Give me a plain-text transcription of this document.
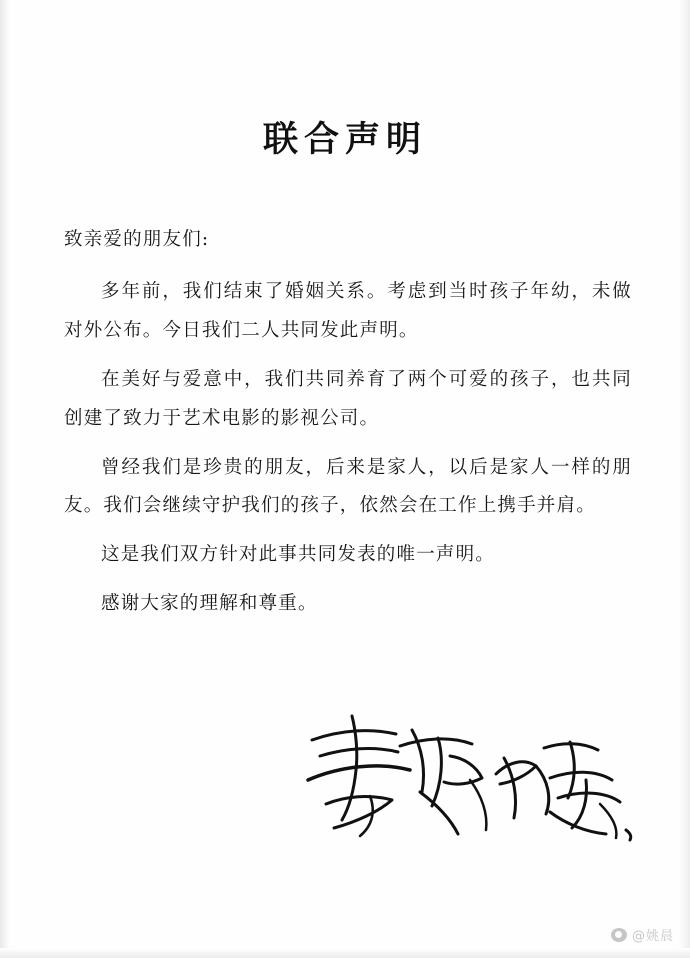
联合声明
致亲爱的朋友们:

多年前，我们结束了婚姻关系。考虑到当时孩子年幼，未做对外公布。今日我们二人共同发此声明。

在美好与爱意中，我们共同养育了两个可爱的孩子，也共同创建了致力于艺术电影的影视公司。

曾经我们是珍贵的朋友，后来是家人，以后是家人一样的朋友。我们会继续守护我们的孩子，依然会在工作上携手并肩。

这是我们双方针对此事共同发表的唯一声明。

感谢大家的理解和尊重。

@姚晨
